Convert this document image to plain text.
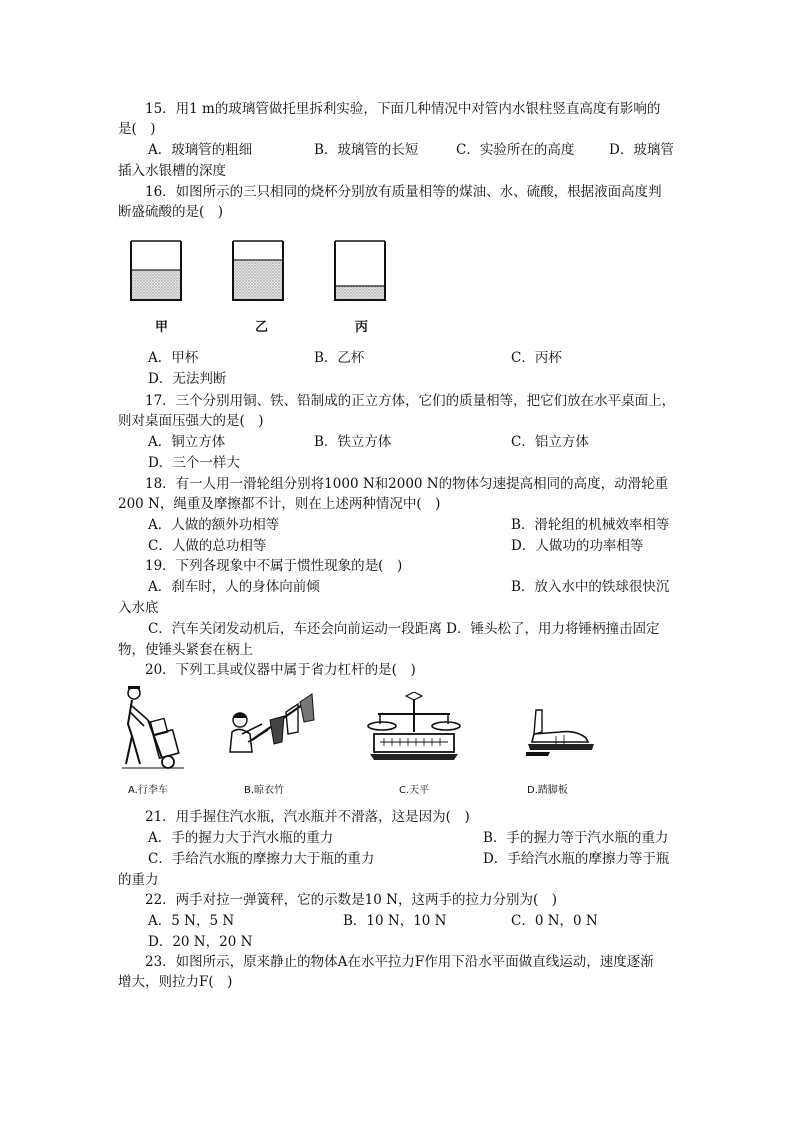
15．用1 m的玻璃管做托里拆利实验，下面几种情况中对管内水银柱竖直高度有影响的
是(　)
A．玻璃管的粗细	B．玻璃管的长短	C．实验所在的高度	D．玻璃管
插入水银槽的深度
16．如图所示的三只相同的烧杯分别放有质量相等的煤油、水、硫酸，根据液面高度判
断盛硫酸的是(　)
甲	乙	丙
A．甲杯	B．乙杯	C．丙杯
D．无法判断
17．三个分别用铜、铁、铅制成的正立方体，它们的质量相等，把它们放在水平桌面上，
则对桌面压强大的是(　)
A．铜立方体	B．铁立方体	C．铝立方体
D．三个一样大
18．有一人用一滑轮组分别将1000 N和2000 N的物体匀速提高相同的高度，动滑轮重
200 N，绳重及摩擦都不计，则在上述两种情况中(　)
A．人做的额外功相等	B．滑轮组的机械效率相等
C．人做的总功相等	D．人做功的功率相等
19．下列各现象中不属于惯性现象的是(　)
A．刹车时，人的身体向前倾	B．放入水中的铁球很快沉
入水底
C．汽车关闭发动机后，车还会向前运动一段距离 D．锤头松了，用力将锤柄撞击固定
物，使锤头紧套在柄上
20．下列工具或仪器中属于省力杠杆的是(　)
A.行李车	B.晾衣竹	C.天平	D.踏脚板
21．用手握住汽水瓶，汽水瓶并不滑落，这是因为(　)
A．手的握力大于汽水瓶的重力	B．手的握力等于汽水瓶的重力
C．手给汽水瓶的摩擦力大于瓶的重力	D．手给汽水瓶的摩擦力等于瓶
的重力
22．两手对拉一弹簧秤，它的示数是10 N，这两手的拉力分别为(　)
A．5 N，5 N	B．10 N，10 N	C．0 N，0 N
D．20 N，20 N
23．如图所示，原来静止的物体A在水平拉力F作用下沿水平面做直线运动，速度逐渐
增大，则拉力F(　)
